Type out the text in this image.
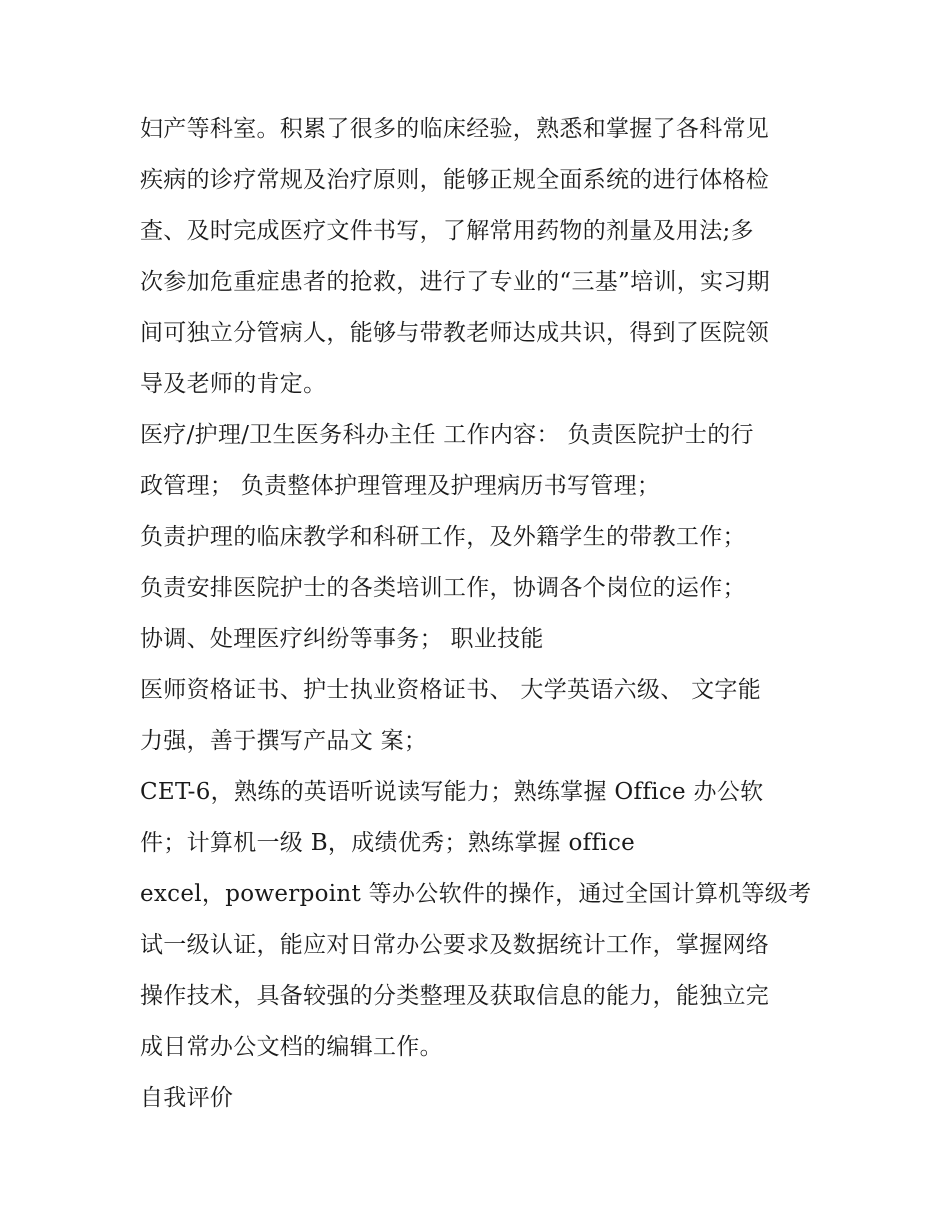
妇产等科室。积累了很多的临床经验，熟悉和掌握了各科常见
疾病的诊疗常规及治疗原则，能够正规全面系统的进行体格检
查、及时完成医疗文件书写，了解常用药物的剂量及用法;多
次参加危重症患者的抢救，进行了专业的“三基”培训，实习期
间可独立分管病人，能够与带教老师达成共识，得到了医院领
导及老师的肯定。
医疗/护理/卫生医务科办主任 工作内容： 负责医院护士的行
政管理； 负责整体护理管理及护理病历书写管理；
负责护理的临床教学和科研工作，及外籍学生的带教工作；
负责安排医院护士的各类培训工作，协调各个岗位的运作；
协调、处理医疗纠纷等事务； 职业技能
医师资格证书、护士执业资格证书、 大学英语六级、 文字能
力强，善于撰写产品文 案；
CET-6，熟练的英语听说读写能力；熟练掌握 Office 办公软
件；计算机一级 B，成绩优秀；熟练掌握 office
excel，powerpoint 等办公软件的操作，通过全国计算机等级考
试一级认证，能应对日常办公要求及数据统计工作，掌握网络
操作技术，具备较强的分类整理及获取信息的能力，能独立完
成日常办公文档的编辑工作。
自我评价
